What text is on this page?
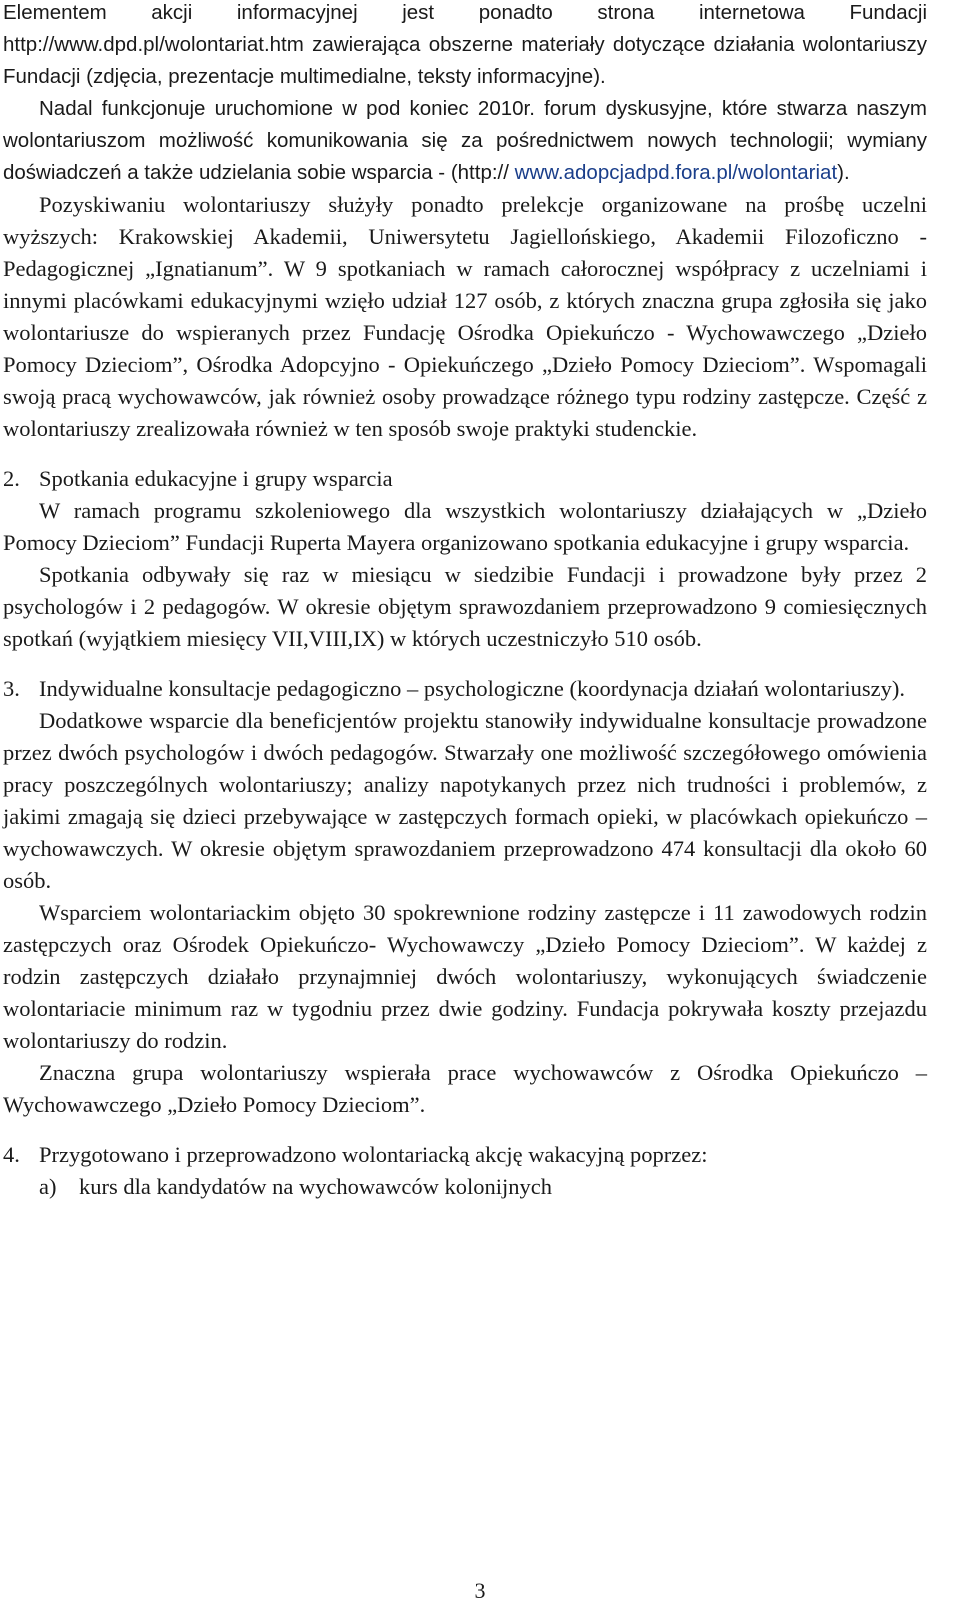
Elementem akcji informacyjnej jest ponadto strona internetowa Fundacji http://www.dpd.pl/wolontariat.htm zawierająca obszerne materiały dotyczące działania wolontariuszy Fundacji (zdjęcia, prezentacje multimedialne, teksty informacyjne).

Nadal funkcjonuje uruchomione w pod koniec 2010r. forum dyskusyjne, które stwarza naszym wolontariuszom możliwość komunikowania się za pośrednictwem nowych technologii; wymiany doświadczeń a także udzielania sobie wsparcia - (http:// www.adopcjadpd.fora.pl/wolontariat).

Pozyskiwaniu wolontariuszy służyły ponadto prelekcje organizowane na prośbę uczelni wyższych: Krakowskiej Akademii, Uniwersytetu Jagiellońskiego, Akademii Filozoficzno - Pedagogicznej „Ignatianum”. W 9 spotkaniach w ramach całorocznej współpracy z uczelniami i innymi placówkami edukacyjnymi wzięło udział 127 osób, z których znaczna grupa zgłosiła się jako wolontariusze do wspieranych przez Fundację Ośrodka Opiekuńczo - Wychowawczego „Dzieło Pomocy Dzieciom”, Ośrodka Adopcyjno - Opiekuńczego „Dzieło Pomocy Dzieciom”. Wspomagali swoją pracą wychowawców, jak również osoby prowadzące różnego typu rodziny zastępcze. Część z wolontariuszy zrealizowała również w ten sposób swoje praktyki studenckie.

2. Spotkania edukacyjne i grupy wsparcia

W ramach programu szkoleniowego dla wszystkich wolontariuszy działających w „Dzieło Pomocy Dzieciom” Fundacji Ruperta Mayera organizowano spotkania edukacyjne i grupy wsparcia.

Spotkania odbywały się raz w miesiącu w siedzibie Fundacji i prowadzone były przez 2 psychologów i 2 pedagogów. W okresie objętym sprawozdaniem przeprowadzono 9 comiesięcznych spotkań (wyjątkiem miesięcy VII,VIII,IX) w których uczestniczyło 510 osób.

3. Indywidualne konsultacje pedagogiczno – psychologiczne (koordynacja działań wolontariuszy).

Dodatkowe wsparcie dla beneficjentów projektu stanowiły indywidualne konsultacje prowadzone przez dwóch psychologów i dwóch pedagogów. Stwarzały one możliwość szczegółowego omówienia pracy poszczególnych wolontariuszy; analizy napotykanych przez nich trudności i problemów, z jakimi zmagają się dzieci przebywające w zastępczych formach opieki, w placówkach opiekuńczo – wychowawczych. W okresie objętym sprawozdaniem przeprowadzono 474 konsultacji dla około 60 osób.

Wsparciem wolontariackim objęto 30 spokrewnione rodziny zastępcze i 11 zawodowych rodzin zastępczych oraz Ośrodek Opiekuńczo- Wychowawczy „Dzieło Pomocy Dzieciom”. W każdej z rodzin zastępczych działało przynajmniej dwóch wolontariuszy, wykonujących świadczenie wolontariacie minimum raz w tygodniu przez dwie godziny. Fundacja pokrywała koszty przejazdu wolontariuszy do rodzin.

Znaczna grupa wolontariuszy wspierała prace wychowawców z Ośrodka Opiekuńczo – Wychowawczego „Dzieło Pomocy Dzieciom”.

4. Przygotowano i przeprowadzono wolontariacką akcję wakacyjną poprzez:
a)	kurs dla kandydatów na wychowawców kolonijnych
3
